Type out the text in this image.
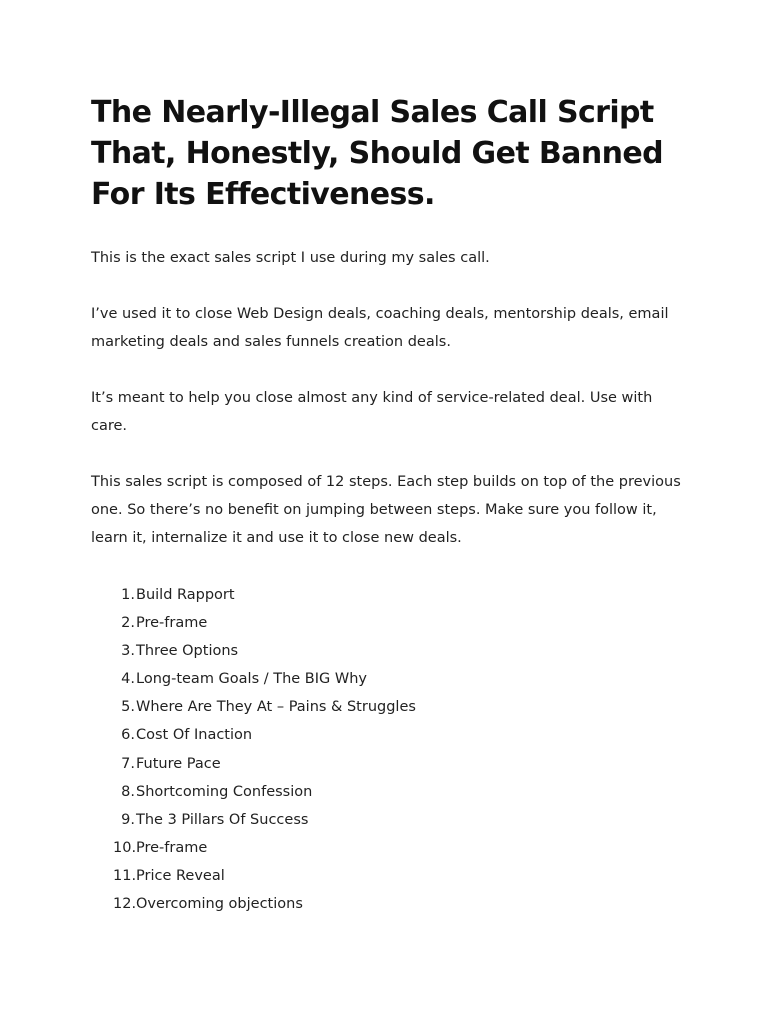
The Nearly-Illegal Sales Call Script That, Honestly, Should Get Banned For Its Effectiveness.

This is the exact sales script I use during my sales call.

I’ve used it to close Web Design deals, coaching deals, mentorship deals, email marketing deals and sales funnels creation deals.

It’s meant to help you close almost any kind of service-related deal. Use with care.

This sales script is composed of 12 steps. Each step builds on top of the previous one. So there’s no benefit on jumping between steps. Make sure you follow it, learn it, internalize it and use it to close new deals.

1. Build Rapport
2. Pre-frame
3. Three Options
4. Long-team Goals / The BIG Why
5. Where Are They At – Pains & Struggles
6. Cost Of Inaction
7. Future Pace
8. Shortcoming Confession
9. The 3 Pillars Of Success
10. Pre-frame
11. Price Reveal
12. Overcoming objections
